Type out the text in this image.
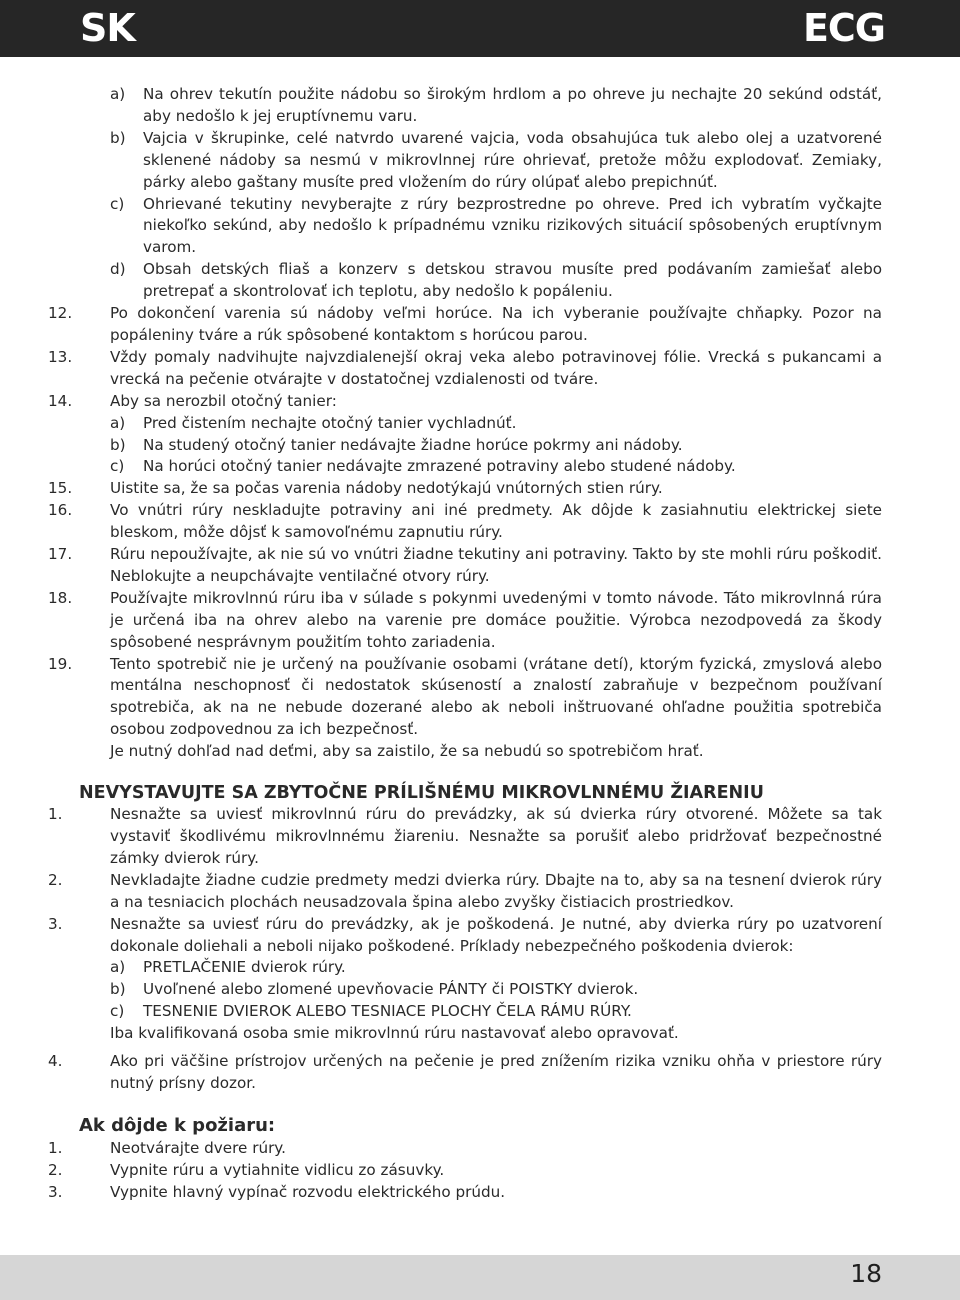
SK	ECG
a) Na ohrev tekutín použite nádobu so širokým hrdlom a po ohreve ju nechajte 20 sekúnd odstáť, aby nedošlo k jej eruptívnemu varu.
b) Vajcia v škrupinke, celé natvrdo uvarené vajcia, voda obsahujúca tuk alebo olej a uzatvorené sklenené nádoby sa nesmú v mikrovlnnej rúre ohrievať, pretože môžu explodovať. Zemiaky, párky alebo gaštany musíte pred vložením do rúry olúpať alebo prepichnúť.
c) Ohrievané tekutiny nevyberajte z rúry bezprostredne po ohreve. Pred ich vybratím vyčkajte niekoľko sekúnd, aby nedošlo k prípadnému vzniku rizikových situácií spôsobených eruptívnym varom.
d) Obsah detských fliaš a konzerv s detskou stravou musíte pred podávaním zamiešať alebo pretrepať a skontrolovať ich teplotu, aby nedošlo k popáleniu.
12. Po dokončení varenia sú nádoby veľmi horúce. Na ich vyberanie používajte chňapky. Pozor na popáleniny tváre a rúk spôsobené kontaktom s horúcou parou.
13. Vždy pomaly nadvihujte najvzdialenejší okraj veka alebo potravinovej fólie. Vrecká s pukancami a vrecká na pečenie otvárajte v dostatočnej vzdialenosti od tváre.
14. Aby sa nerozbil otočný tanier:
a) Pred čistením nechajte otočný tanier vychladnúť.
b) Na studený otočný tanier nedávajte žiadne horúce pokrmy ani nádoby.
c) Na horúci otočný tanier nedávajte zmrazené potraviny alebo studené nádoby.
15. Uistite sa, že sa počas varenia nádoby nedotýkajú vnútorných stien rúry.
16. Vo vnútri rúry neskladujte potraviny ani iné predmety. Ak dôjde k zasiahnutiu elektrickej siete bleskom, môže dôjsť k samovoľnému zapnutiu rúry.
17. Rúru nepoužívajte, ak nie sú vo vnútri žiadne tekutiny ani potraviny. Takto by ste mohli rúru poškodiť. Neblokujte a neupchávajte ventilačné otvory rúry.
18. Používajte mikrovlnnú rúru iba v súlade s pokynmi uvedenými v tomto návode. Táto mikrovlnná rúra je určená iba na ohrev alebo na varenie pre domáce použitie. Výrobca nezodpovedá za škody spôsobené nesprávnym použitím tohto zariadenia.
19. Tento spotrebič nie je určený na používanie osobami (vrátane detí), ktorým fyzická, zmyslová alebo mentálna neschopnosť či nedostatok skúseností a znalostí zabraňuje v bezpečnom používaní spotrebiča, ak na ne nebude dozerané alebo ak neboli inštruované ohľadne použitia spotrebiča osobou zodpovednou za ich bezpečnosť.
Je nutný dohľad nad deťmi, aby sa zaistilo, že sa nebudú so spotrebičom hrať.
NEVYSTAVUJTE SA ZBYTOČNE PRÍLIŠNÉMU MIKROVLNNÉMU ŽIARENIU
1.	Nesnažte sa uviesť mikrovlnnú rúru do prevádzky, ak sú dvierka rúry otvorené. Môžete sa tak vystaviť škodlivému mikrovlnnému žiareniu. Nesnažte sa porušiť alebo pridržovať bezpečnostné zámky dvierok rúry.
2.	Nevkladajte žiadne cudzie predmety medzi dvierka rúry. Dbajte na to, aby sa na tesnení dvierok rúry a na tesniacich plochách neusadzovala špina alebo zvyšky čistiacich prostriedkov.
3.	Nesnažte sa uviesť rúru do prevádzky, ak je poškodená. Je nutné, aby dvierka rúry po uzatvorení dokonale doliehali a neboli nijako poškodené. Príklady nebezpečného poškodenia dvierok:
a) PRETLAČENIE dvierok rúry.
b) Uvoľnené alebo zlomené upevňovacie PÁNTY či POISTKY dvierok.
c) TESNENIE DVIEROK ALEBO TESNIACE PLOCHY ČELA RÁMU RÚRY.
Iba kvalifikovaná osoba smie mikrovlnnú rúru nastavovať alebo opravovať.
4.	Ako pri väčšine prístrojov určených na pečenie je pred znížením rizika vzniku ohňa v priestore rúry nutný prísny dozor.
Ak dôjde k požiaru:
1.	Neotvárajte dvere rúry.
2.	Vypnite rúru a vytiahnite vidlicu zo zásuvky.
3.	Vypnite hlavný vypínač rozvodu elektrického prúdu.
18
